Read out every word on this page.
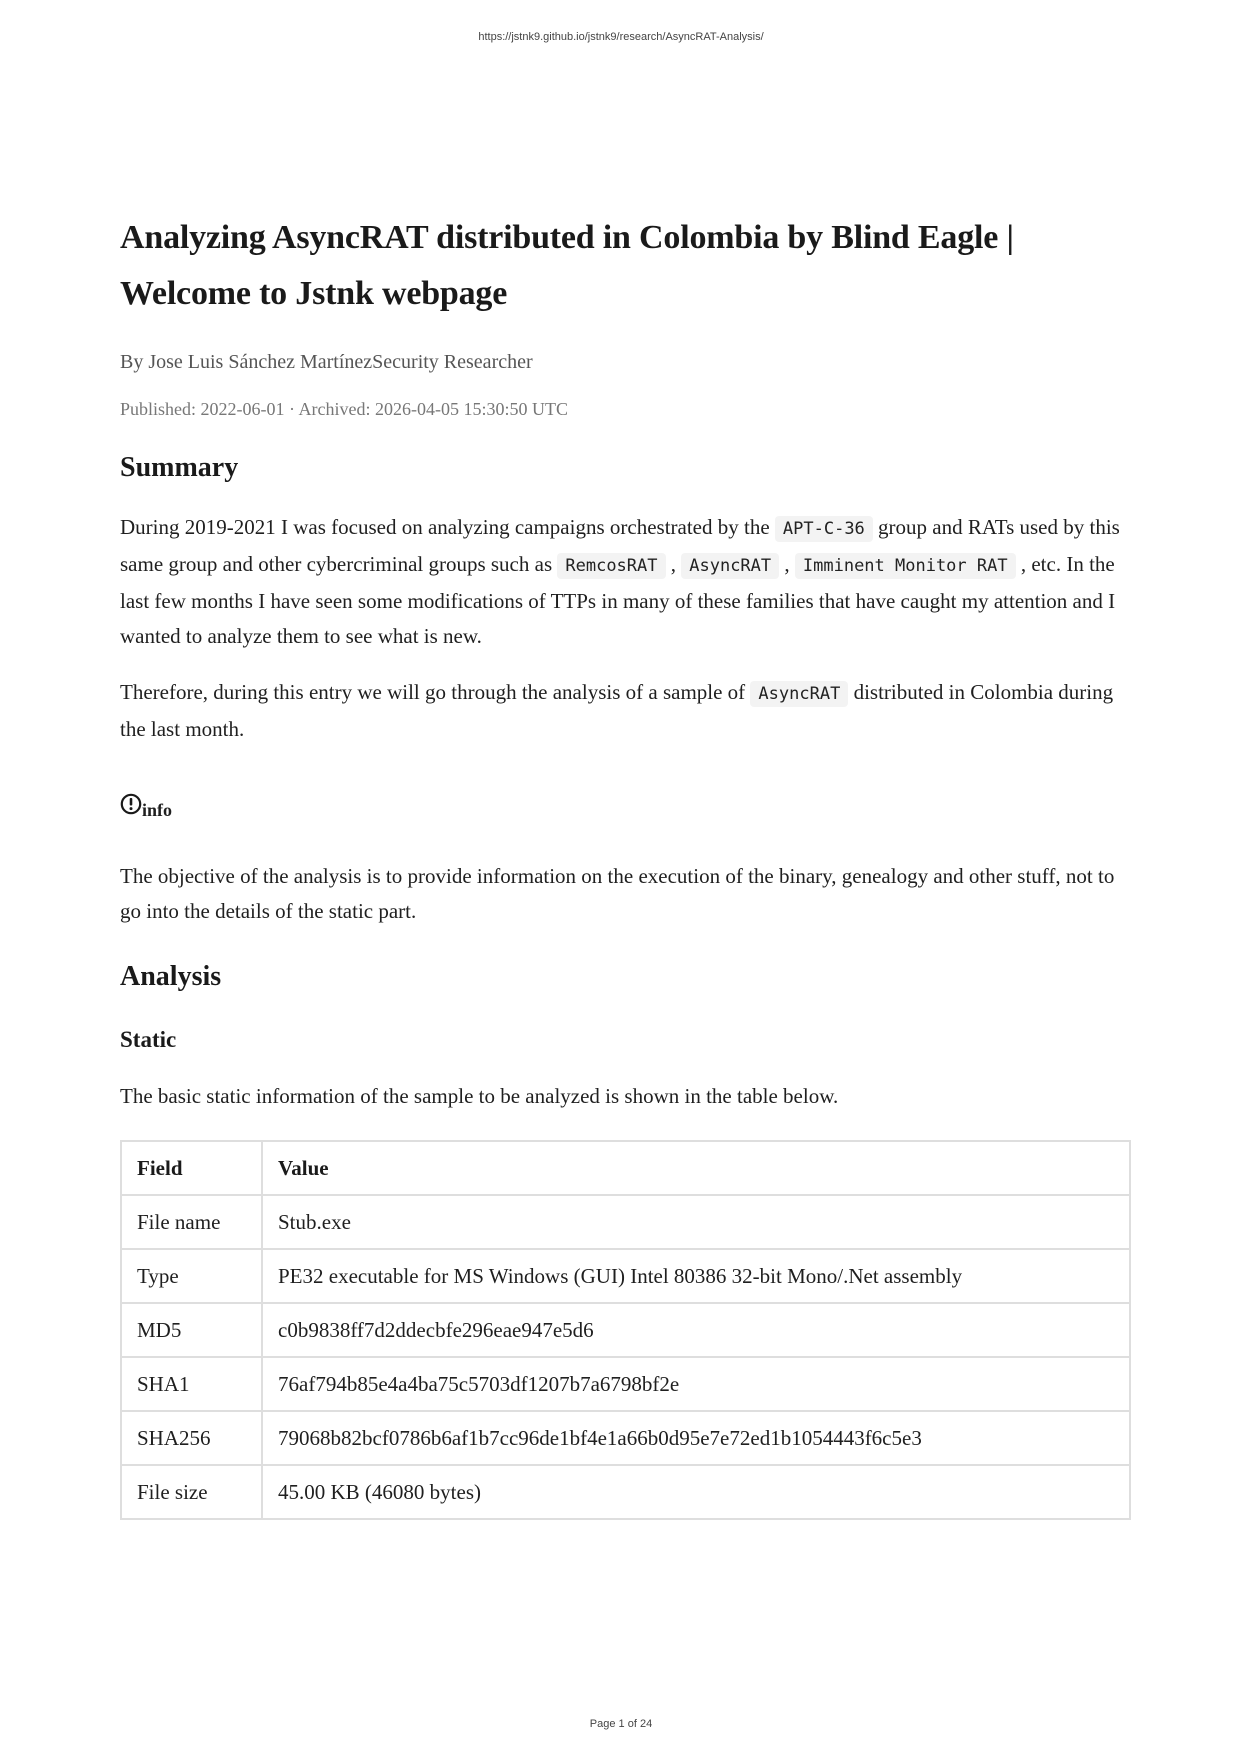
https://jstnk9.github.io/jstnk9/research/AsyncRAT-Analysis/
Analyzing AsyncRAT distributed in Colombia by Blind Eagle |
Welcome to Jstnk webpage
By Jose Luis Sánchez MartínezSecurity Researcher
Published: 2022-06-01 · Archived: 2026-04-05 15:30:50 UTC
Summary

During 2019-2021 I was focused on analyzing campaigns orchestrated by the APT-C-36 group and RATs used by this same group and other cybercriminal groups such as RemcosRAT , AsyncRAT , Imminent Monitor RAT , etc. In the last few months I have seen some modifications of TTPs in many of these families that have caught my attention and I wanted to analyze them to see what is new.

Therefore, during this entry we will go through the analysis of a sample of AsyncRAT distributed in Colombia during the last month.

info

The objective of the analysis is to provide information on the execution of the binary, genealogy and other stuff, not to go into the details of the static part.

Analysis
Static

The basic static information of the sample to be analyzed is shown in the table below.

Field	Value
File name	Stub.exe
Type	PE32 executable for MS Windows (GUI) Intel 80386 32-bit Mono/.Net assembly
MD5	c0b9838ff7d2ddecbfe296eae947e5d6
SHA1	76af794b85e4a4ba75c5703df1207b7a6798bf2e
SHA256	79068b82bcf0786b6af1b7cc96de1bf4e1a66b0d95e7e72ed1b1054443f6c5e3
File size	45.00 KB (46080 bytes)
Page 1 of 24
